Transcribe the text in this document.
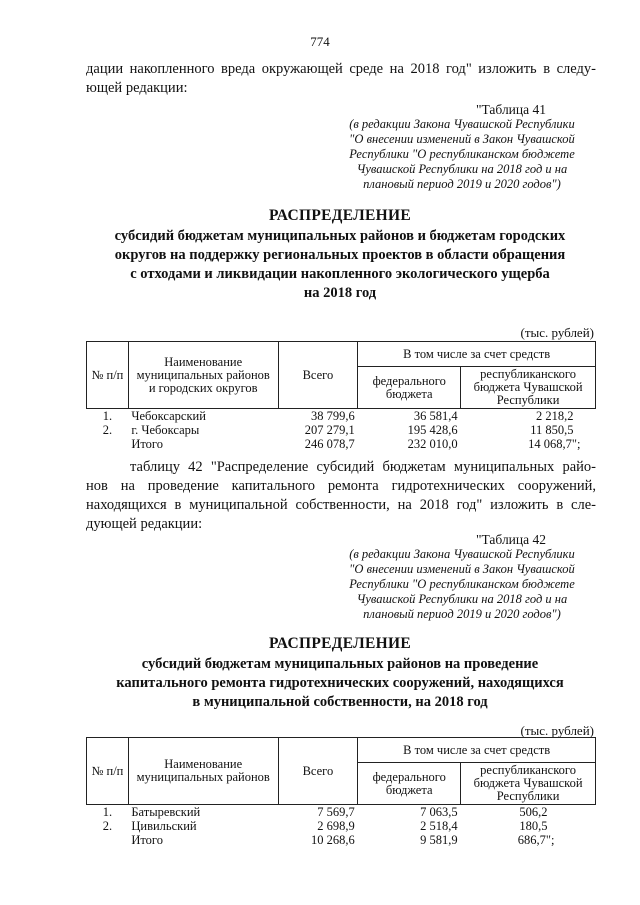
774
дации накопленного вреда окружающей среде на 2018 год" изложить в следу-
ющей редакции:
"Таблица 41
(в редакции Закона Чувашской Республики
"О внесении изменений в Закон Чувашской
Республики "О республиканском бюджете
Чувашской Республики на 2018 год и на
плановый период 2019 и 2020 годов")
РАСПРЕДЕЛЕНИЕ
субсидий бюджетам муниципальных районов и бюджетам городских
округов на поддержку региональных проектов в области обращения
с отходами и ликвидации накопленного экологического ущерба
на 2018 год
(тыс. рублей)
№ п/п	Наименование муниципальных районов и городских округов	Всего	В том числе за счет средств	
			федерального бюджета	республиканского бюджета Чувашской Республики

1.	Чебоксарский	38 799,6	36 581,4	2 218,2
2.	г. Чебоксары	207 279,1	195 428,6	11 850,5
	Итого	246 078,7	232 010,0	14 068,7";
таблицу 42 "Распределение субсидий бюджетам муниципальных райо-
нов на проведение капитального ремонта гидротехнических сооружений,
находящихся в муниципальной собственности, на 2018 год" изложить в сле-
дующей редакции:
"Таблица 42
(в редакции Закона Чувашской Республики
"О внесении изменений в Закон Чувашской
Республики "О республиканском бюджете
Чувашской Республики на 2018 год и на
плановый период 2019 и 2020 годов")
РАСПРЕДЕЛЕНИЕ
субсидий бюджетам муниципальных районов на проведение
капитального ремонта гидротехнических сооружений, находящихся
в муниципальной собственности, на 2018 год
(тыс. рублей)
№ п/п	Наименование муниципальных районов	Всего	В том числе за счет средств	
			федерального бюджета	республиканского бюджета Чувашской Республики

1.	Батыревский	7 569,7	7 063,5	506,2
2.	Цивильский	2 698,9	2 518,4	180,5
	Итого	10 268,6	9 581,9	686,7";
